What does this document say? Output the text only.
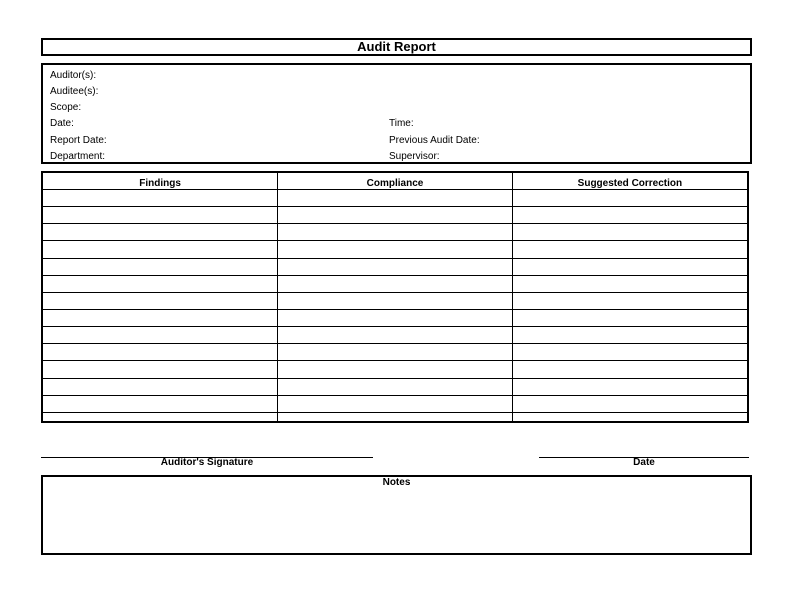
Audit Report
Auditor(s):
Auditee(s):
Scope:
Date:	Time:
Report Date:	Previous Audit Date:
Department:	Supervisor:
Findings	Compliance	Suggested Correction

Auditor's Signature	Date
Notes
